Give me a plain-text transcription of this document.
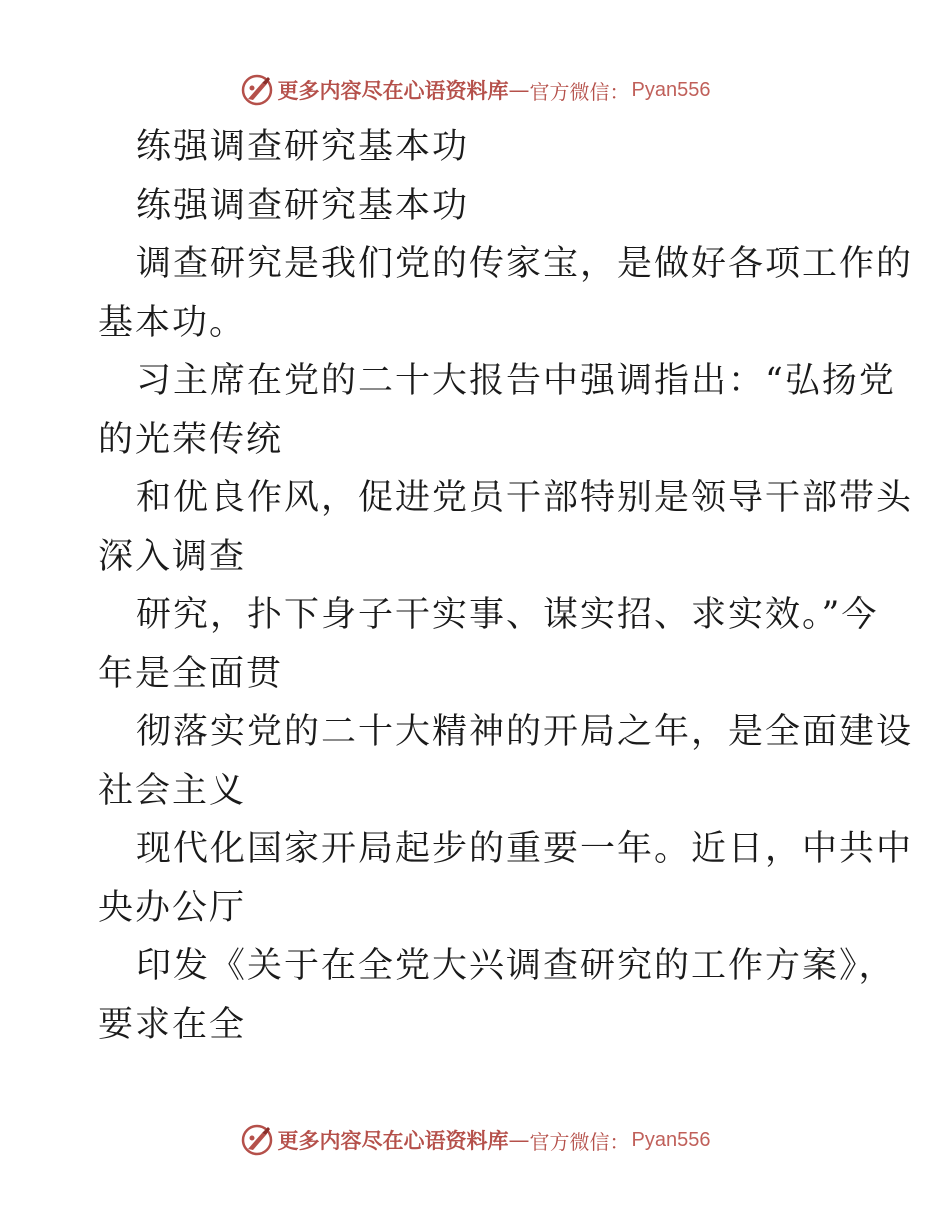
更多内容尽在心语资料库 — 官方微信： Pyan556
练强调查研究基本功
练强调查研究基本功
调查研究是我们党的传家宝，是做好各项工作的
基本功。
习主席在党的二十大报告中强调指出：“弘扬党
的光荣传统
和优良作风，促进党员干部特别是领导干部带头
深入调查
研究，扑下身子干实事、谋实招、求实效。”今
年是全面贯
彻落实党的二十大精神的开局之年，是全面建设
社会主义
现代化国家开局起步的重要一年。近日，中共中
央办公厅
印发《关于在全党大兴调查研究的工作方案》，
要求在全
更多内容尽在心语资料库 — 官方微信： Pyan556
